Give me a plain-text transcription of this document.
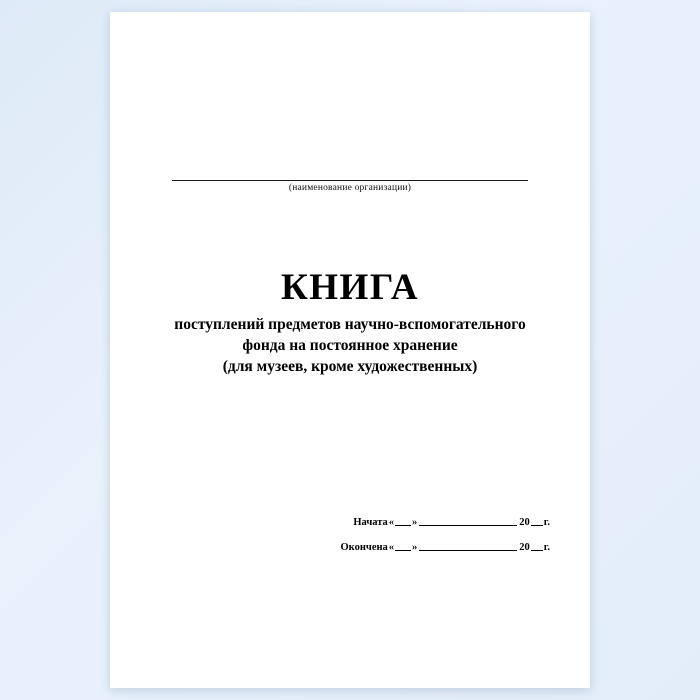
(наименование организации)
КНИГА
поступлений предметов научно-вспомогательного
фонда на постоянное хранение
(для музеев, кроме художественных)
Начата « »	20 г.
Окончена « »	20 г.
